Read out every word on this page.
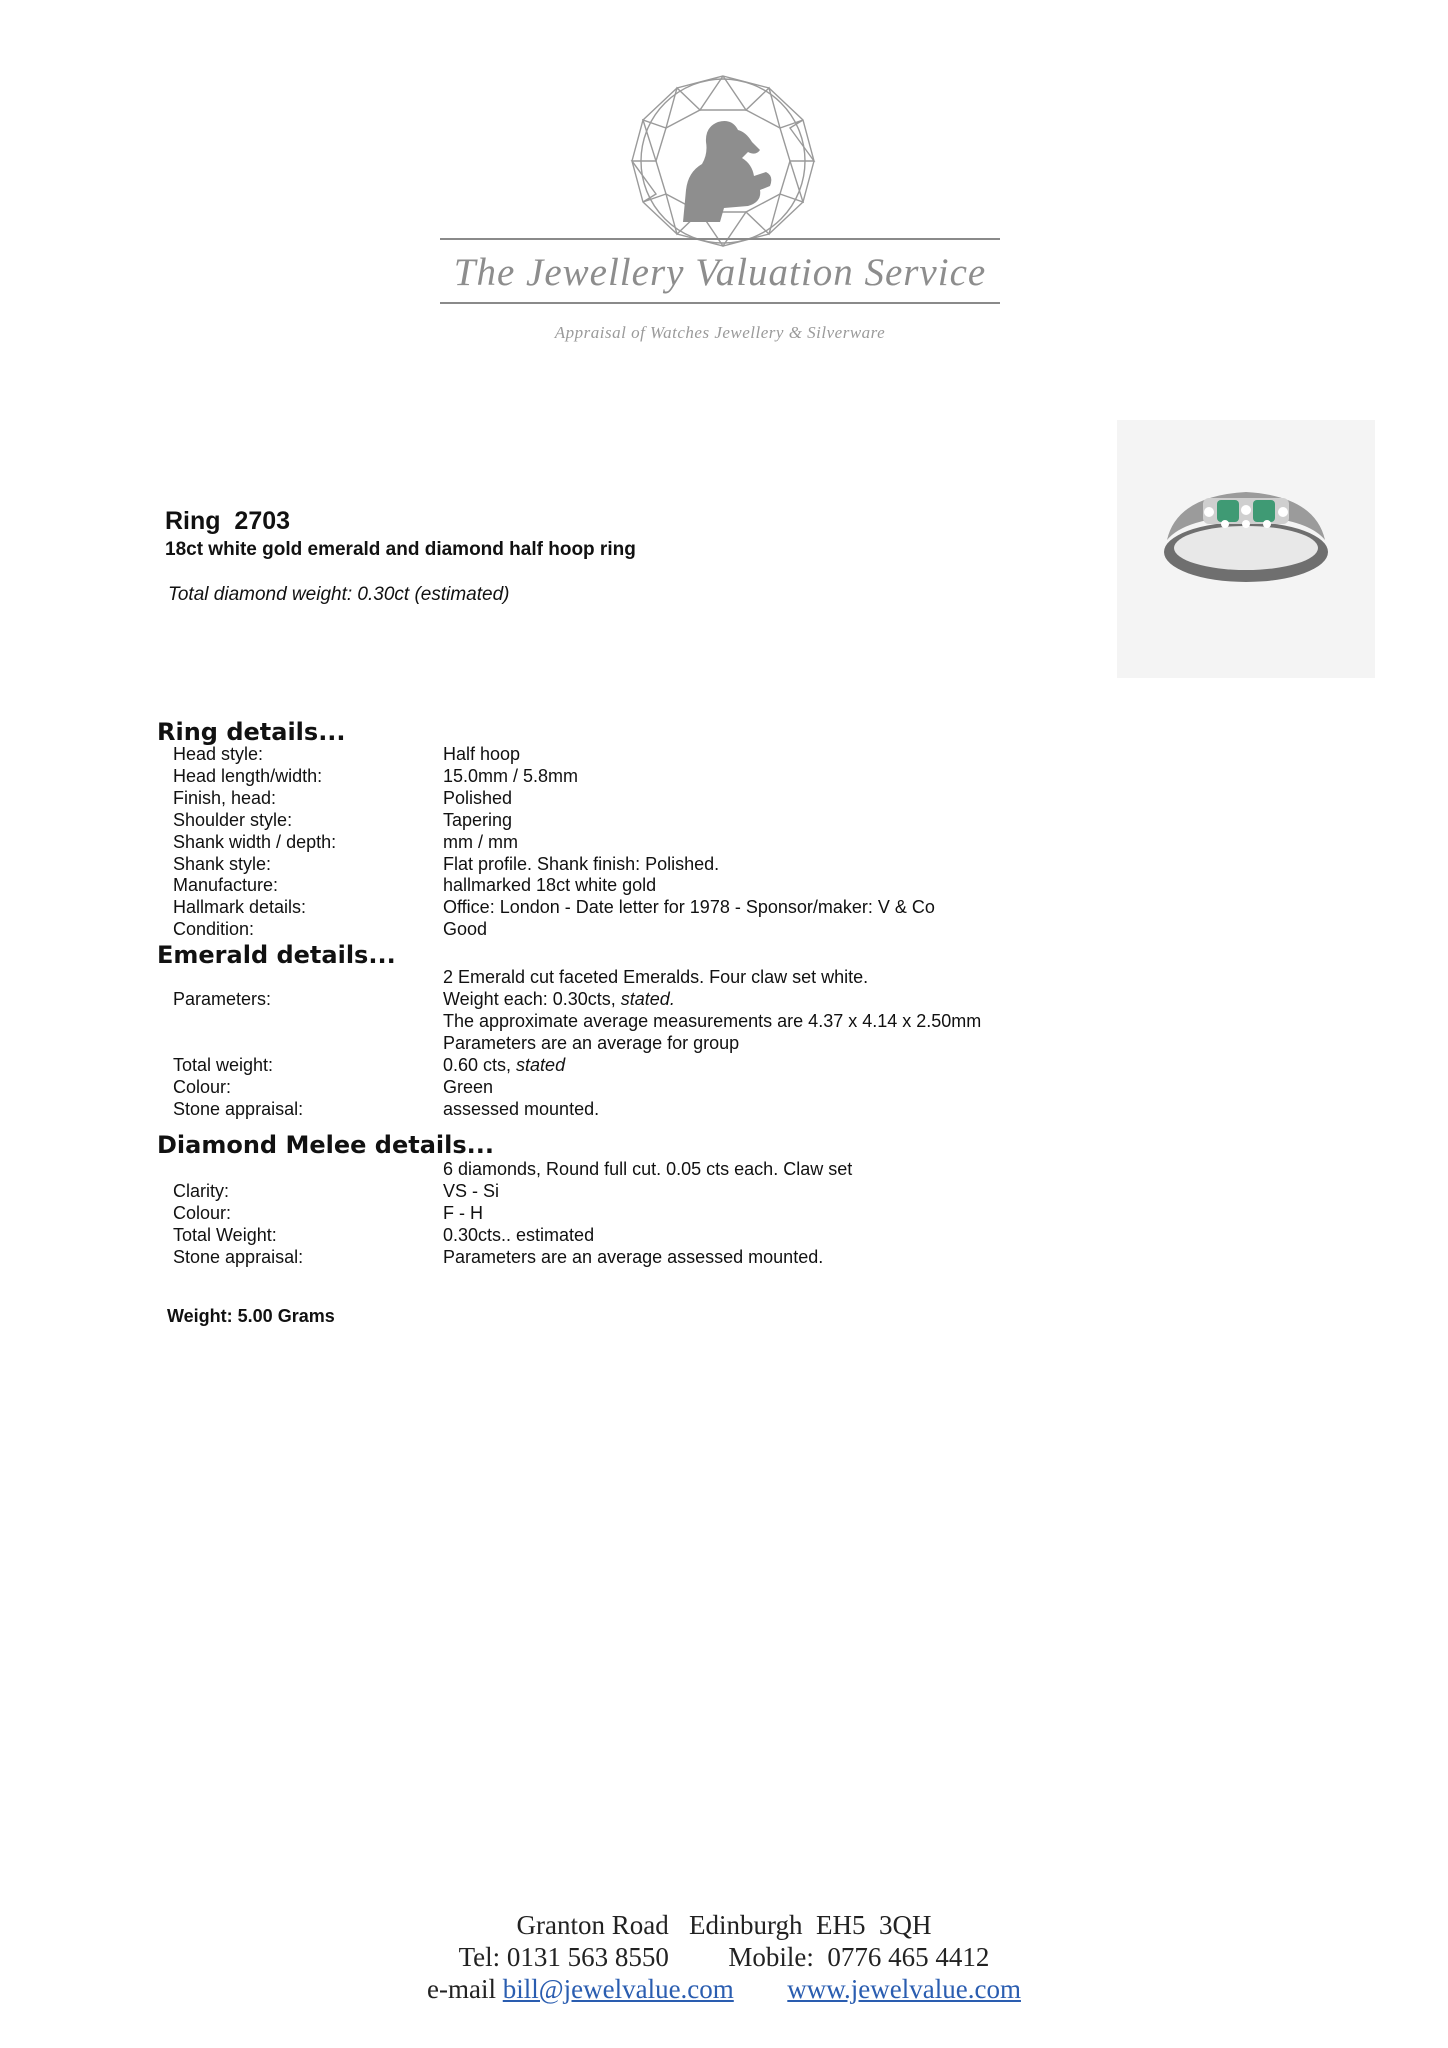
The Jewellery Valuation Service
Appraisal of Watches Jewellery & Silverware
Ring  2703
18ct white gold emerald and diamond half hoop ring
Total diamond weight: 0.30ct (estimated)
Ring details...
Head style:	Half hoop
Head length/width:	15.0mm / 5.8mm
Finish, head:	Polished
Shoulder style:	Tapering
Shank width / depth:	mm / mm
Shank style:	Flat profile. Shank finish: Polished.
Manufacture:	hallmarked 18ct white gold
Hallmark details:	Office: London - Date letter for 1978 - Sponsor/maker: V & Co
Condition:	Good
Emerald details...
2 Emerald cut faceted Emeralds. Four claw set white.
Parameters:	Weight each: 0.30cts, stated.
The approximate average measurements are 4.37 x 4.14 x 2.50mm
Parameters are an average for group
Total weight:	0.60 cts, stated
Colour:	Green
Stone appraisal:	assessed mounted.
Diamond Melee details...
6 diamonds, Round full cut. 0.05 cts each. Claw set
Clarity:	VS - Si
Colour:	F - H
Total Weight:	0.30cts.. estimated
Stone appraisal:	Parameters are an average assessed mounted.
Weight: 5.00 Grams
Granton Road   Edinburgh  EH5  3QH
Tel: 0131 563 8550 Mobile:  0776 465 4412
e-mail bill@jewelvalue.com www.jewelvalue.com
